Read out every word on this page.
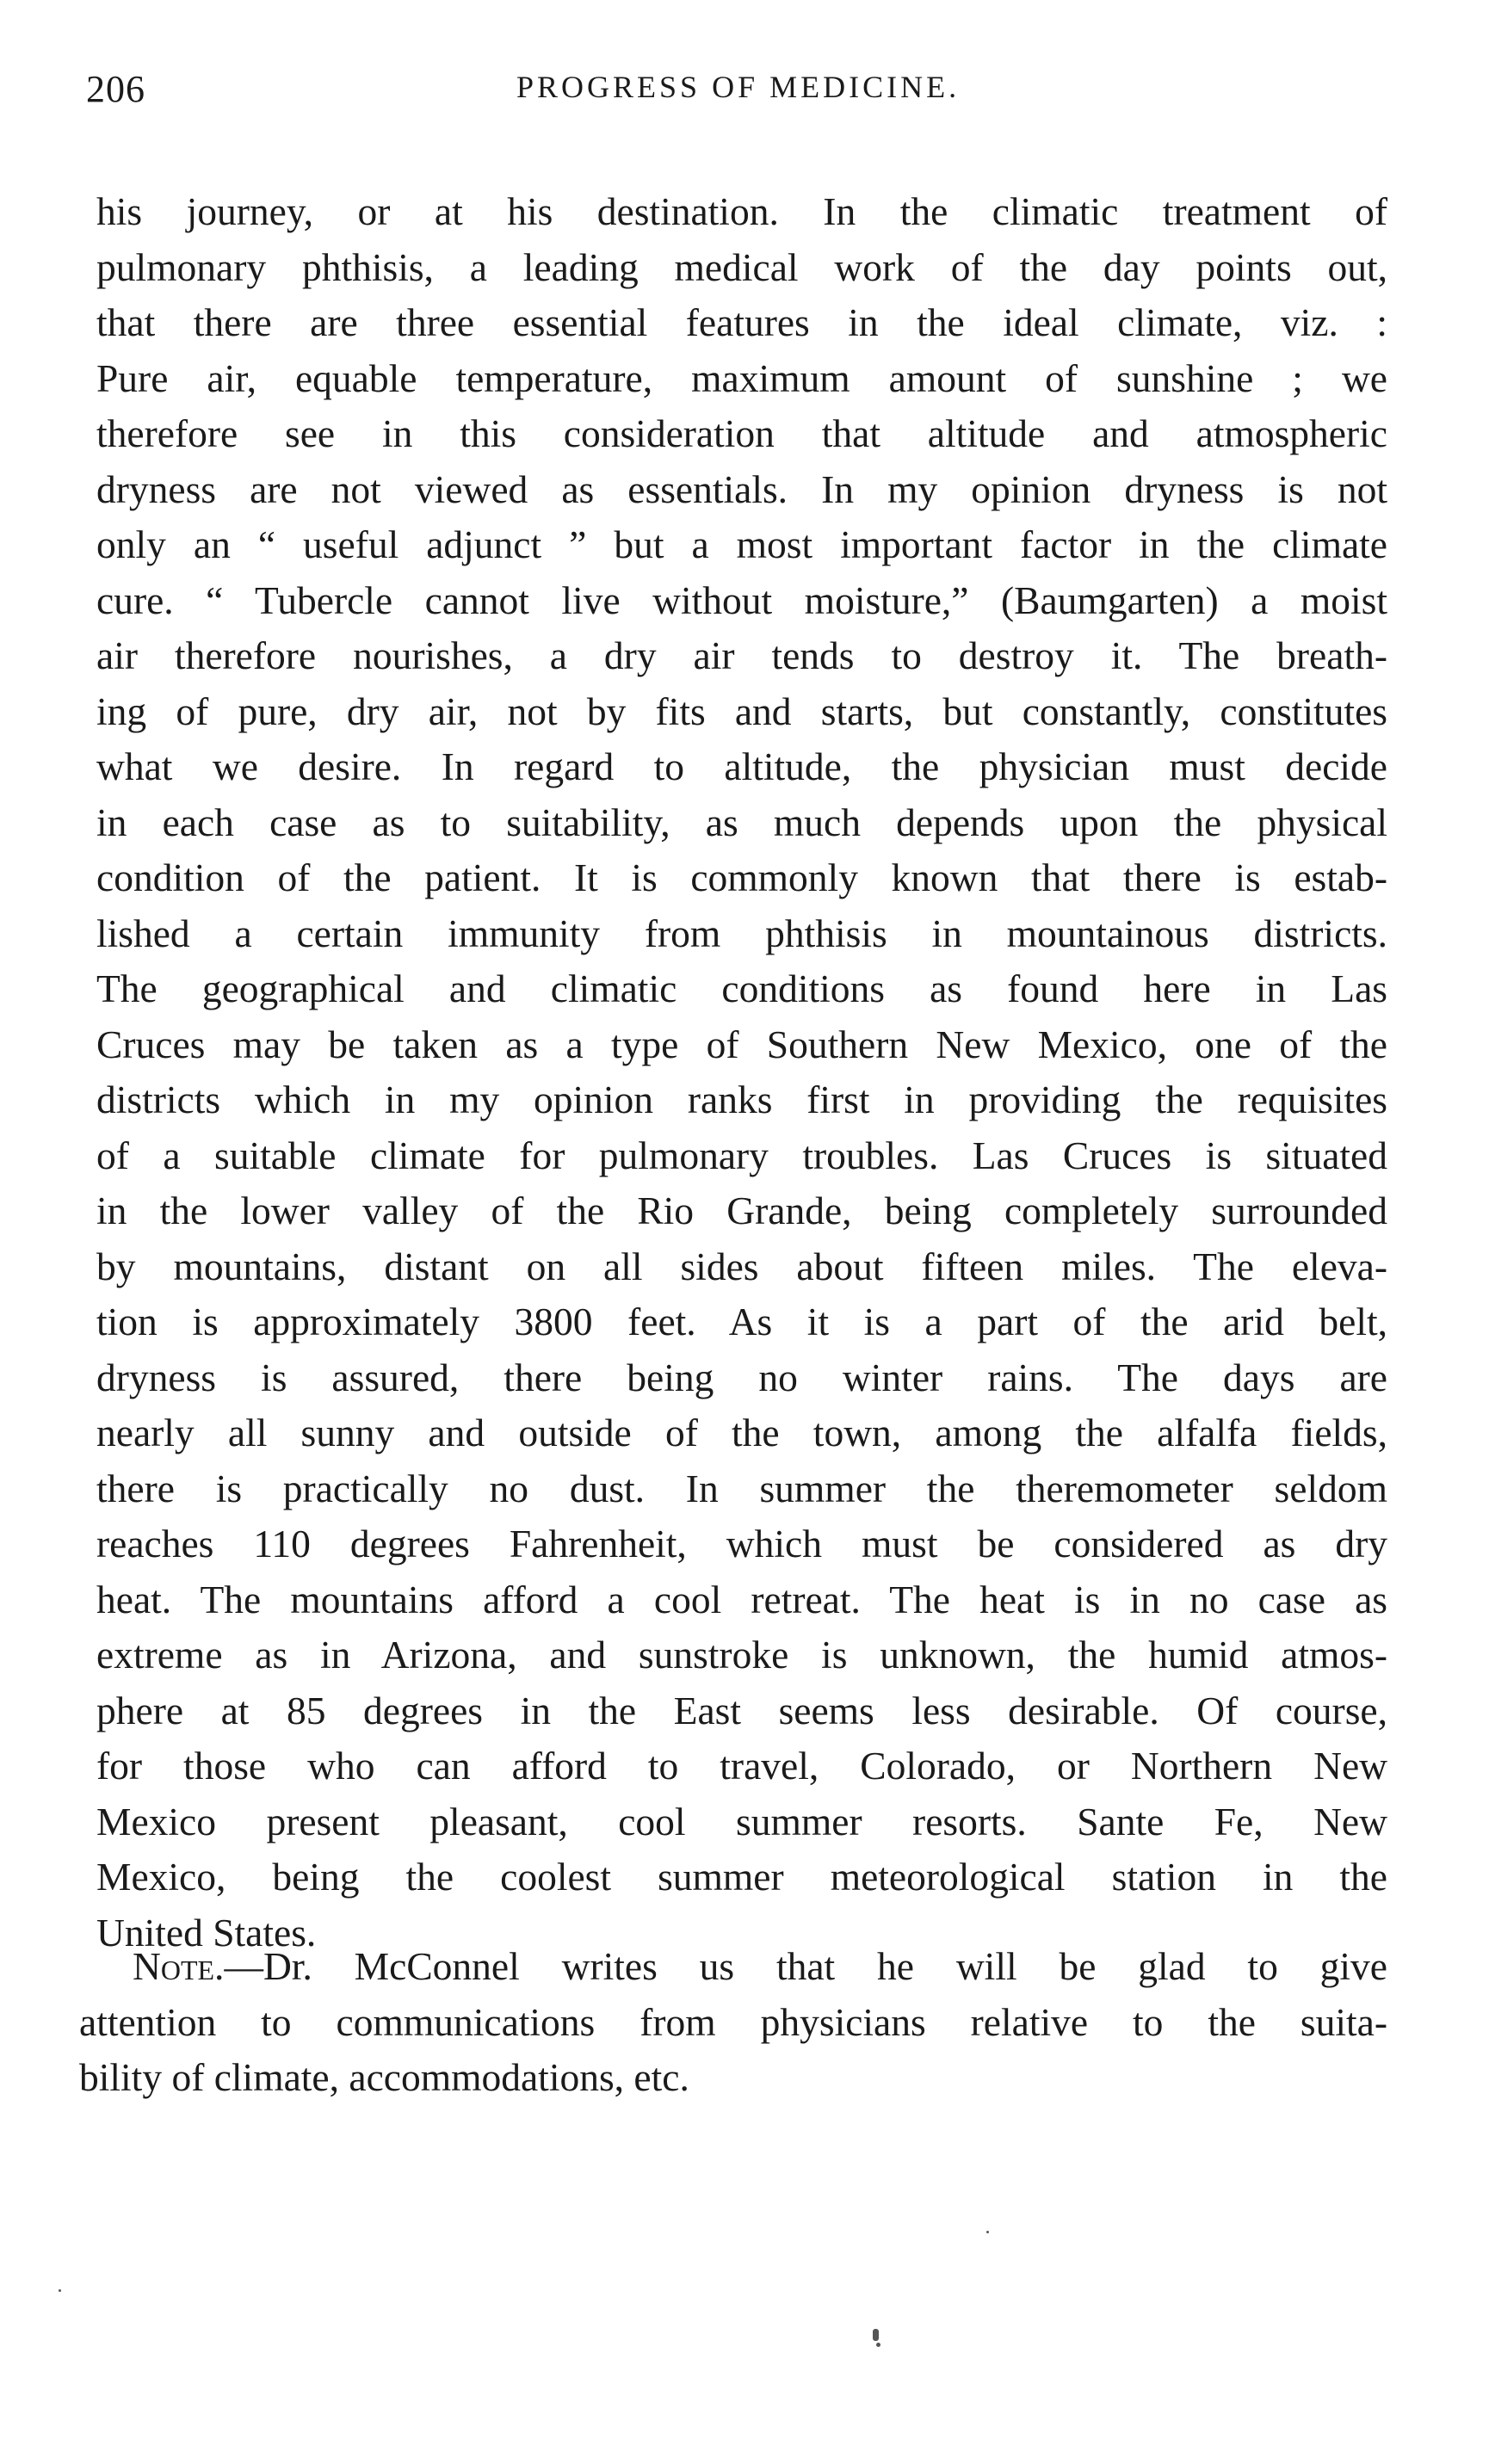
206	PROGRESS OF MEDICINE.
his journey, or at his destination. In the climatic treatment of
pulmonary phthisis, a leading medical work of the day points out,
that there are three essential features in the ideal climate, viz. :
Pure air, equable temperature, maximum amount of sunshine ; we
therefore see in this consideration that altitude and atmospheric
dryness are not viewed as essentials. In my opinion dryness is not
only an “ useful adjunct ” but a most important factor in the climate
cure. “ Tubercle cannot live without moisture,” (Baumgarten) a moist
air therefore nourishes, a dry air tends to destroy it. The breath-
ing of pure, dry air, not by fits and starts, but constantly, constitutes
what we desire. In regard to altitude, the physician must decide
in each case as to suitability, as much depends upon the physical
condition of the patient. It is commonly known that there is estab-
lished a certain immunity from phthisis in mountainous districts.
The geographical and climatic conditions as found here in Las
Cruces may be taken as a type of Southern New Mexico, one of the
districts which in my opinion ranks first in providing the requisites
of a suitable climate for pulmonary troubles. Las Cruces is situated
in the lower valley of the Rio Grande, being completely surrounded
by mountains, distant on all sides about fifteen miles. The eleva-
tion is approximately 3800 feet. As it is a part of the arid belt,
dryness is assured, there being no winter rains. The days are
nearly all sunny and outside of the town, among the alfalfa fields,
there is practically no dust. In summer the theremometer seldom
reaches 110 degrees Fahrenheit, which must be considered as dry
heat. The mountains afford a cool retreat. The heat is in no case as
extreme as in Arizona, and sunstroke is unknown, the humid atmos-
phere at 85 degrees in the East seems less desirable. Of course,
for those who can afford to travel, Colorado, or Northern New
Mexico present pleasant, cool summer resorts. Sante Fe, New
Mexico, being the coolest summer meteorological station in the
United States.
Note.—Dr. McConnel writes us that he will be glad to give
attention to communications from physicians relative to the suita-
bility of climate, accommodations, etc.
